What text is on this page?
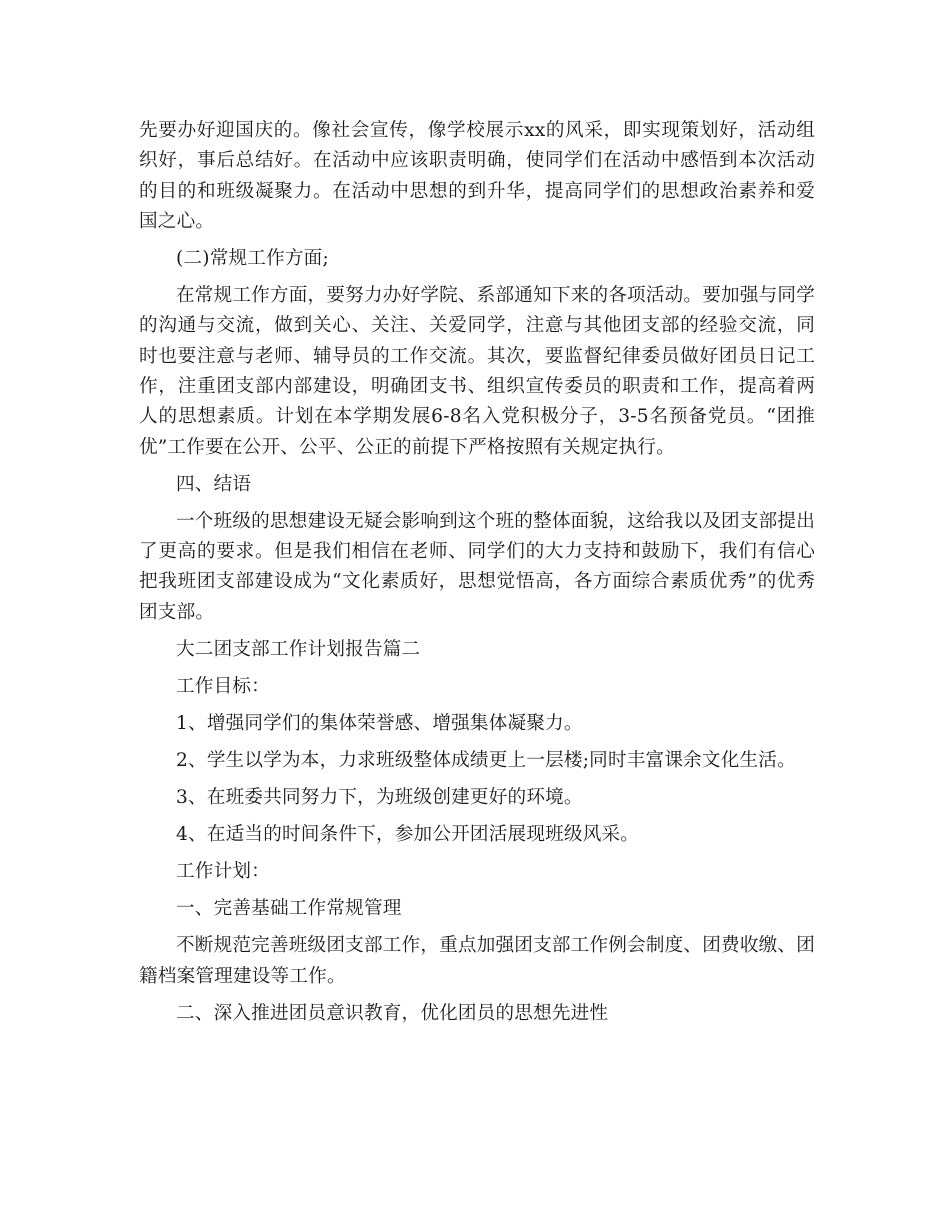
先要办好迎国庆的。像社会宣传，像学校展示xx的风采，即实现策划好，活动组织好，事后总结好。在活动中应该职责明确，使同学们在活动中感悟到本次活动的目的和班级凝聚力。在活动中思想的到升华，提高同学们的思想政治素养和爱国之心。

(二)常规工作方面;

在常规工作方面，要努力办好学院、系部通知下来的各项活动。要加强与同学的沟通与交流，做到关心、关注、关爱同学，注意与其他团支部的经验交流，同时也要注意与老师、辅导员的工作交流。其次，要监督纪律委员做好团员日记工作，注重团支部内部建设，明确团支书、组织宣传委员的职责和工作，提高着两人的思想素质。计划在本学期发展6-8名入党积极分子，3-5名预备党员。“团推优”工作要在公开、公平、公正的前提下严格按照有关规定执行。

四、结语

一个班级的思想建设无疑会影响到这个班的整体面貌，这给我以及团支部提出了更高的要求。但是我们相信在老师、同学们的大力支持和鼓励下，我们有信心把我班团支部建设成为“文化素质好，思想觉悟高，各方面综合素质优秀”的优秀团支部。

大二团支部工作计划报告篇二

工作目标：

1、增强同学们的集体荣誉感、增强集体凝聚力。

2、学生以学为本，力求班级整体成绩更上一层楼;同时丰富课余文化生活。

3、在班委共同努力下，为班级创建更好的环境。

4、在适当的时间条件下，参加公开团活展现班级风采。

工作计划：

一、完善基础工作常规管理

不断规范完善班级团支部工作，重点加强团支部工作例会制度、团费收缴、团籍档案管理建设等工作。

二、深入推进团员意识教育，优化团员的思想先进性
